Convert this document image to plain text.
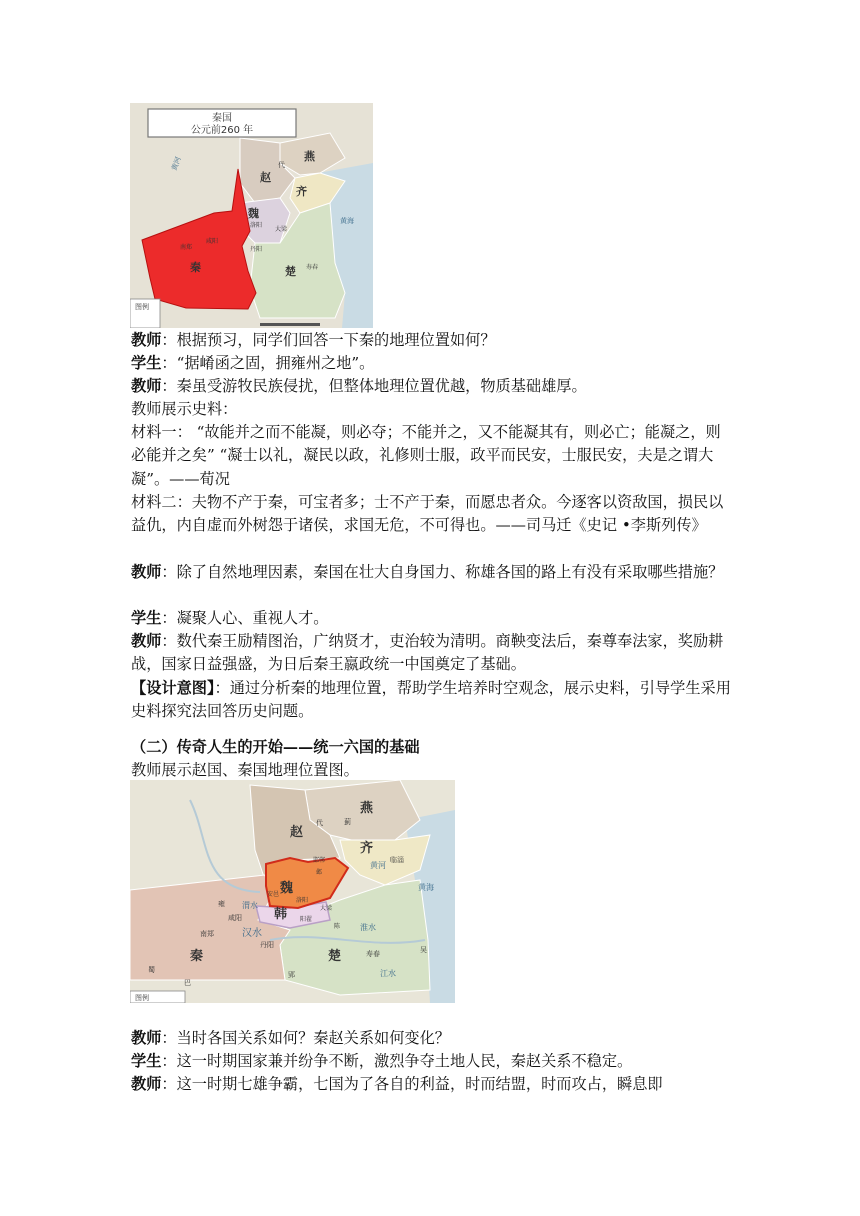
秦国
公元前260 年
燕
赵
代
齐
魏
秦	楚
黄海
黄河
洛阳
大梁
咸阳
南郑	丹阳
寿春
图例
教师：根据预习，同学们回答一下秦的地理位置如何？
学生：“据崤函之固，拥雍州之地”。
教师：秦虽受游牧民族侵扰，但整体地理位置优越，物质基础雄厚。
教师展示史料：
材料一： “故能并之而不能凝，则必夺；不能并之，又不能凝其有，则必亡；能凝之，则必能并之矣” “凝士以礼，凝民以政，礼修则士服，政平而民安，士服民安，夫是之谓大凝”。——荀况
材料二：夫物不产于秦，可宝者多；士不产于秦，而愿忠者众。今逐客以资敌国，损民以益仇，内自虚而外树怨于诸侯，求国无危，不可得也。——司马迁《史记 •李斯列传》
教师：除了自然地理因素，秦国在壮大自身国力、称雄各国的路上有没有采取哪些措施？
学生：凝聚人心、重视人才。
教师：数代秦王励精图治，广纳贤才，吏治较为清明。商鞅变法后，秦尊奉法家，奖励耕战，国家日益强盛，为日后秦王嬴政统一中国奠定了基础。
【设计意图】：通过分析秦的地理位置，帮助学生培养时空观念，展示史料，引导学生采用史料探究法回答历史问题。
（二）传奇人生的开始——统一六国的基础
教师展示赵国、秦国地理位置图。
赵
燕
代	蓟
齐
临淄
黄河
黄海
魏
邯郸
邺
安邑
洛阳
韩 阳翟
大梁
陈
雍
咸阳
渭水
汉水
丹阳
南郑
秦
蜀
巴
郢
楚	寿春	吴
江水
淮水
图例
教师：当时各国关系如何？秦赵关系如何变化？
学生：这一时期国家兼并纷争不断，激烈争夺土地人民，秦赵关系不稳定。
教师：这一时期七雄争霸，七国为了各自的利益，时而结盟，时而攻占，瞬息即
